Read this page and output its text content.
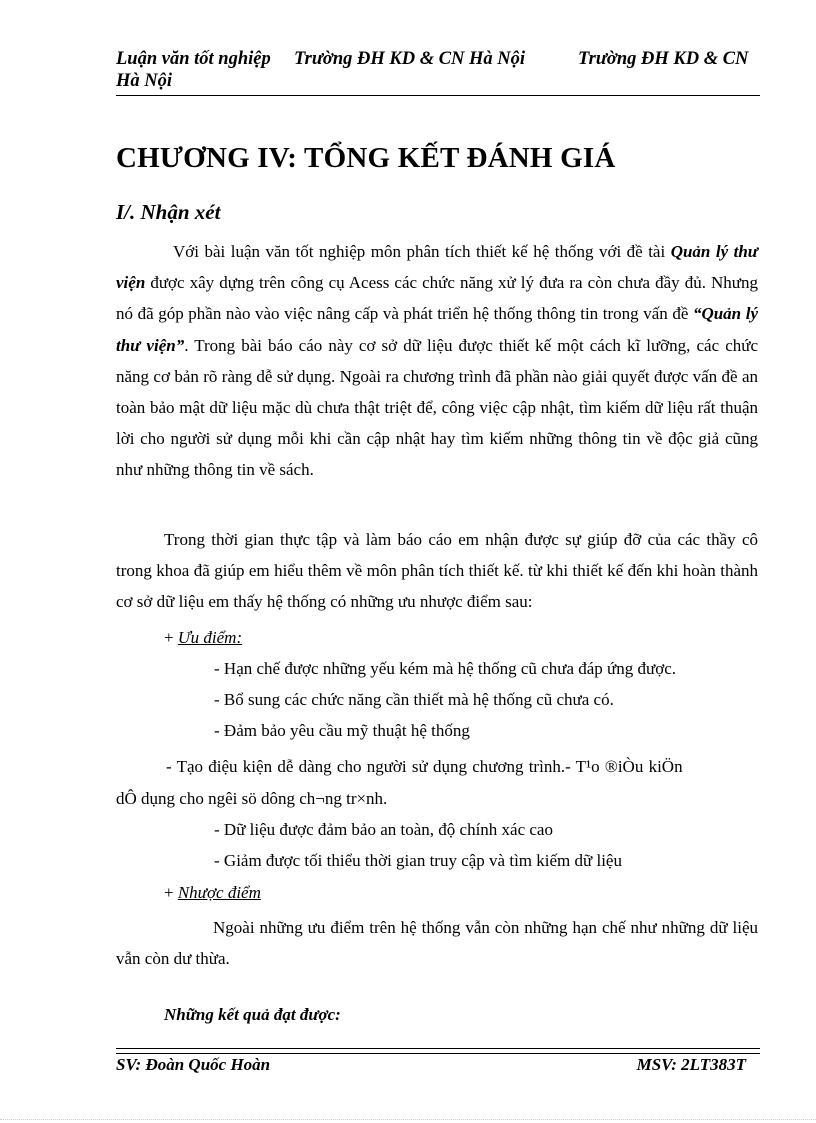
Luận văn tốt nghiệp Trường ĐH KD & CN Hà Nội	Trường ĐH KD & CN
Hà Nội
CHƯƠNG IV: TỔNG KẾT ĐÁNH GIÁ
I/. Nhận xét
Với bài luận văn tốt nghiệp môn phân tích thiết kế hệ thống với đề tài Quản lý thư viện được xây dựng trên công cụ Acess các chức năng xử lý đưa ra còn chưa đầy đủ. Nhưng nó đã góp phần nào vào việc nâng cấp và phát triển hệ thống thông tin trong vấn đề “Quản lý thư viện”. Trong bài báo cáo này cơ sở dữ liệu được thiết kế một cách kĩ lưỡng, các chức năng cơ bản rõ ràng dễ sử dụng. Ngoài ra chương trình đã phần nào giải quyết được vấn đề an toàn bảo mật dữ liệu mặc dù chưa thật triệt để, công việc cập nhật, tìm kiếm dữ liệu rất thuận lời cho người sử dụng mỗi khi cần cập nhật hay tìm kiếm những thông tin về độc giả cũng như những thông tin về sách.
Trong thời gian thực tập và làm báo cáo em nhận được sự giúp đỡ của các thầy cô trong khoa đã giúp em hiểu thêm về môn phân tích thiết kế. từ khi thiết kế đến khi hoàn thành cơ sở dữ liệu em thấy hệ thống có những ưu nhược điểm sau:
+ Ưu điểm:
- Hạn chế được những yếu kém mà hệ thống cũ chưa đáp ứng được.
- Bổ sung các chức năng cần thiết mà hệ thống cũ chưa có.
- Đảm bảo yêu cầu mỹ thuật hệ thống
- Tạo điệu kiện dễ dàng cho người sử dụng chương trình.- T¹o ®iÒu kiÖn
dÔ dụng cho ngêi sö dông ch¬ng tr×nh.
- Dữ liệu được đảm bảo an toàn, độ chính xác cao
- Giảm được tối thiểu thời gian truy cập và tìm kiếm dữ liệu
+ Nhược điểm
Ngoài những ưu điểm trên hệ thống vẫn còn những hạn chế như những dữ liệu vẫn còn dư thừa.
Những kết quả đạt được:
SV: Đoàn Quốc Hoàn	MSV: 2LT383T
